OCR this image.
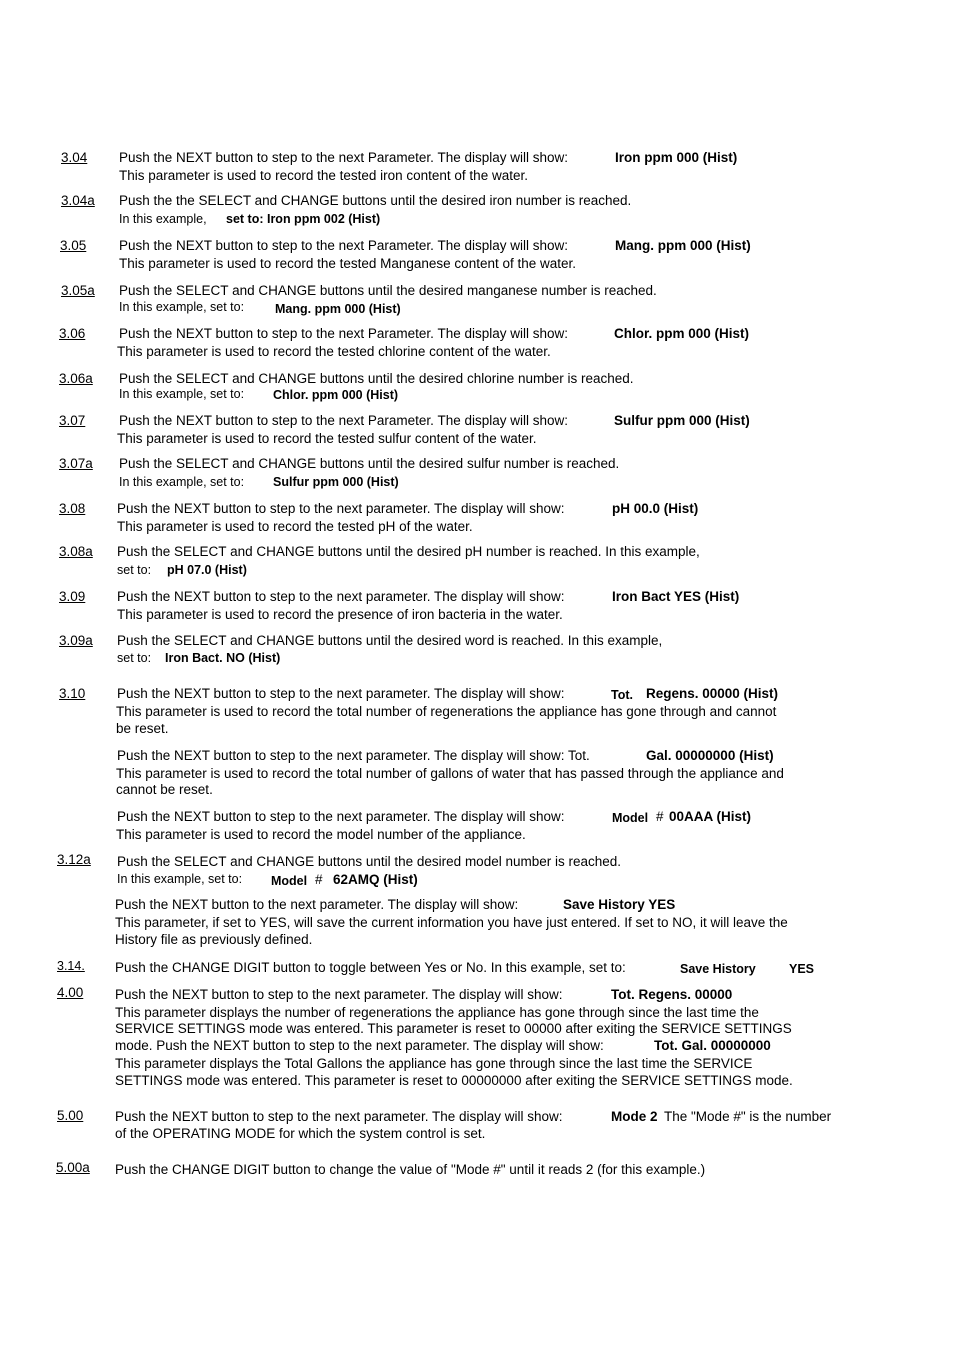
3.04 Push the NEXT button to step to the next Parameter. The display will show:	Iron ppm 000 (Hist)
This parameter is used to record the tested iron content of the water.
3.04a Push the the SELECT and CHANGE buttons until the desired iron number is reached.
In this example, set to: Iron ppm 002 (Hist)
3.05 Push the NEXT button to step to the next Parameter. The display will show:	Mang. ppm 000 (Hist)
This parameter is used to record the tested Manganese content of the water.
3.05a Push the SELECT and CHANGE buttons until the desired manganese number is reached.
In this example, set to: Mang. ppm 000 (Hist)
3.06 Push the NEXT button to step to the next Parameter. The display will show:	Chlor. ppm 000 (Hist)
This parameter is used to record the tested chlorine content of the water.
3.06a Push the SELECT and CHANGE buttons until the desired chlorine number is reached.
In this example, set to: Chlor. ppm 000 (Hist)
3.07 Push the NEXT button to step to the next Parameter. The display will show:	Sulfur ppm 000 (Hist)
This parameter is used to record the tested sulfur content of the water.
3.07a Push the SELECT and CHANGE buttons until the desired sulfur number is reached.
In this example, set to: Sulfur ppm 000 (Hist)
3.08 Push the NEXT button to step to the next parameter. The display will show:	pH 00.0 (Hist)
This parameter is used to record the tested pH of the water.
3.08a Push the SELECT and CHANGE buttons until the desired pH number is reached. In this example,
set to: pH 07.0 (Hist)
3.09 Push the NEXT button to step to the next parameter. The display will show:	Iron Bact YES (Hist)
This parameter is used to record the presence of iron bacteria in the water.
3.09a Push the SELECT and CHANGE buttons until the desired word is reached. In this example,
set to: Iron Bact. NO (Hist)
3.10 Push the NEXT button to step to the next parameter. The display will show:	Tot. Regens. 00000 (Hist)
This parameter is used to record the total number of regenerations the appliance has gone through and cannot
be reset.
Push the NEXT button to step to the next parameter. The display will show: Tot.	Gal. 00000000 (Hist)
This parameter is used to record the total number of gallons of water that has passed through the appliance and
cannot be reset.
Push the NEXT button to step to the next parameter. The display will show:	Model # 00AAA (Hist)
This parameter is used to record the model number of the appliance.
3.12a Push the SELECT and CHANGE buttons until the desired model number is reached.
In this example, set to: Model # 62AMQ (Hist)
Push the NEXT button to the next parameter. The display will show:	Save History YES
This parameter, if set to YES, will save the current information you have just entered. If set to NO, it will leave the
History file as previously defined.
3.14. Push the CHANGE DIGIT button to toggle between Yes or No. In this example, set to:	Save History	YES
4.00 Push the NEXT button to step to the next parameter. The display will show:	Tot. Regens. 00000
This parameter displays the number of regenerations the appliance has gone through since the last time the
SERVICE SETTINGS mode was entered. This parameter is reset to 00000 after exiting the SERVICE SETTINGS
mode. Push the NEXT button to step to the next parameter. The display will show:	Tot. Gal. 00000000
This parameter displays the Total Gallons the appliance has gone through since the last time the SERVICE
SETTINGS mode was entered. This parameter is reset to 00000000 after exiting the SERVICE SETTINGS mode.
5.00 Push the NEXT button to step to the next parameter. The display will show:	Mode 2 The "Mode #" is the number
of the OPERATING MODE for which the system control is set.
5.00a Push the CHANGE DIGIT button to change the value of "Mode #" until it reads 2 (for this example.)
